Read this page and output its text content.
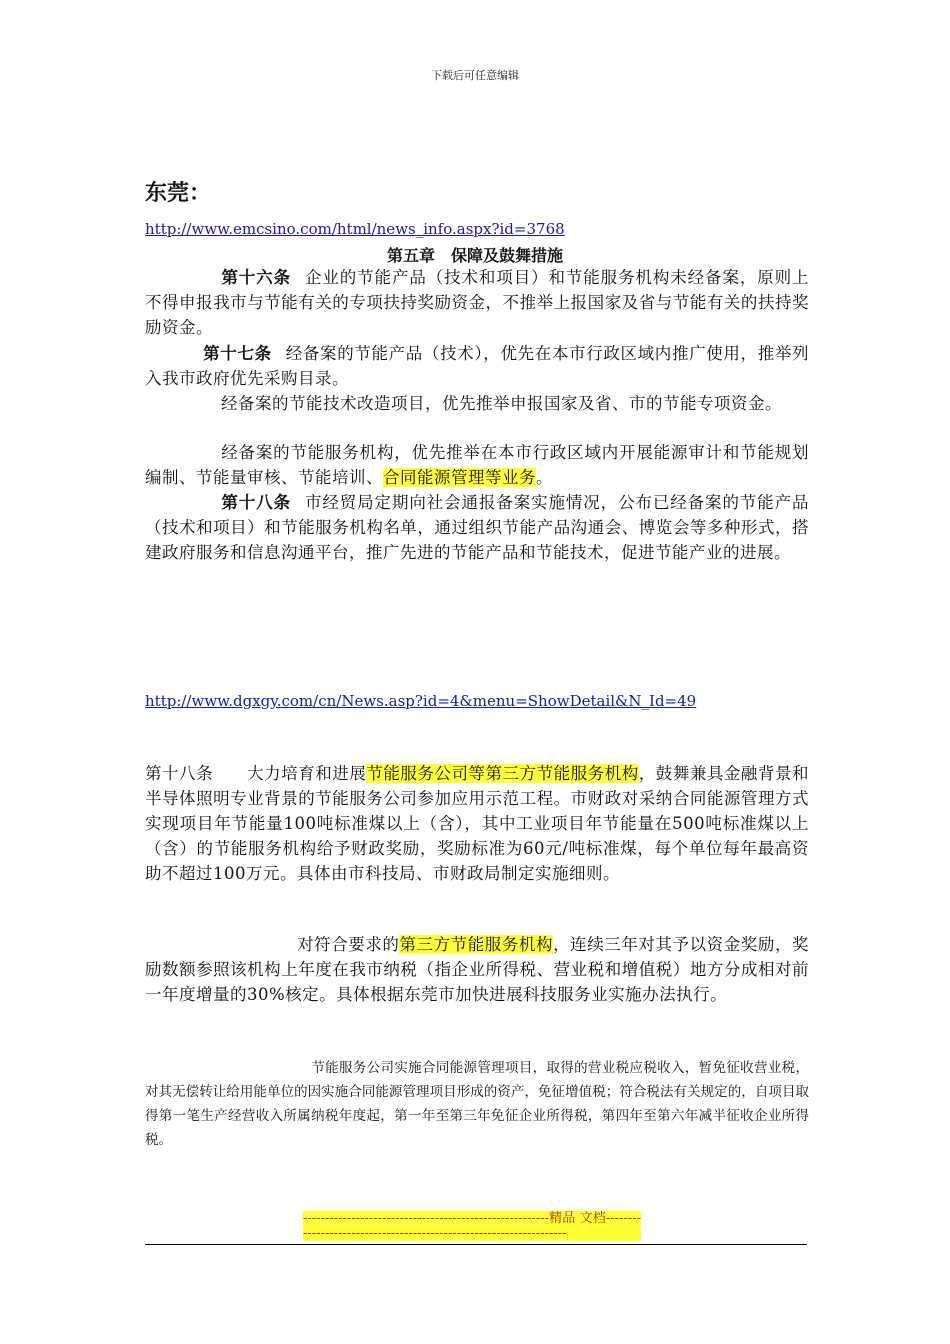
下载后可任意编辑
东莞：
http://www.emcsino.com/html/news_info.aspx?id=3768
第五章　保障及鼓舞措施
第十六条 企业的节能产品（技术和项目）和节能服务机构未经备案，原则上不得申报我市与节能有关的专项扶持奖励资金，不推举上报国家及省与节能有关的扶持奖励资金。
第十七条 经备案的节能产品（技术），优先在本市行政区域内推广使用，推举列入我市政府优先采购目录。
经备案的节能技术改造项目，优先推举申报国家及省、市的节能专项资金。
经备案的节能服务机构，优先推举在本市行政区域内开展能源审计和节能规划编制、节能量审核、节能培训、合同能源管理等业务。
第十八条 市经贸局定期向社会通报备案实施情况，公布已经备案的节能产品（技术和项目）和节能服务机构名单，通过组织节能产品沟通会、博览会等多种形式，搭建政府服务和信息沟通平台，推广先进的节能产品和节能技术，促进节能产业的进展。
http://www.dgxgy.com/cn/News.asp?id=4&menu=ShowDetail&N_Id=49
第十八条　　大力培育和进展节能服务公司等第三方节能服务机构，鼓舞兼具金融背景和半导体照明专业背景的节能服务公司参加应用示范工程。市财政对采纳合同能源管理方式实现项目年节能量100吨标准煤以上（含），其中工业项目年节能量在500吨标准煤以上（含）的节能服务机构给予财政奖励，奖励标准为60元/吨标准煤，每个单位每年最高资助不超过100万元。具体由市科技局、市财政局制定实施细则。
对符合要求的第三方节能服务机构，连续三年对其予以资金奖励，奖励数额参照该机构上年度在我市纳税（指企业所得税、营业税和增值税）地方分成相对前一年度增量的30%核定。具体根据东莞市加快进展科技服务业实施办法执行。
节能服务公司实施合同能源管理项目，取得的营业税应税收入，暂免征收营业税，对其无偿转让给用能单位的因实施合同能源管理项目形成的资产，免征增值税；符合税法有关规定的，自项目取得第一笔生产经营收入所属纳税年度起，第一年至第三年免征企业所得税，第四年至第六年减半征收企业所得税。
--------------------------------------------------------精品 文档--------------------------------------------------------------------
